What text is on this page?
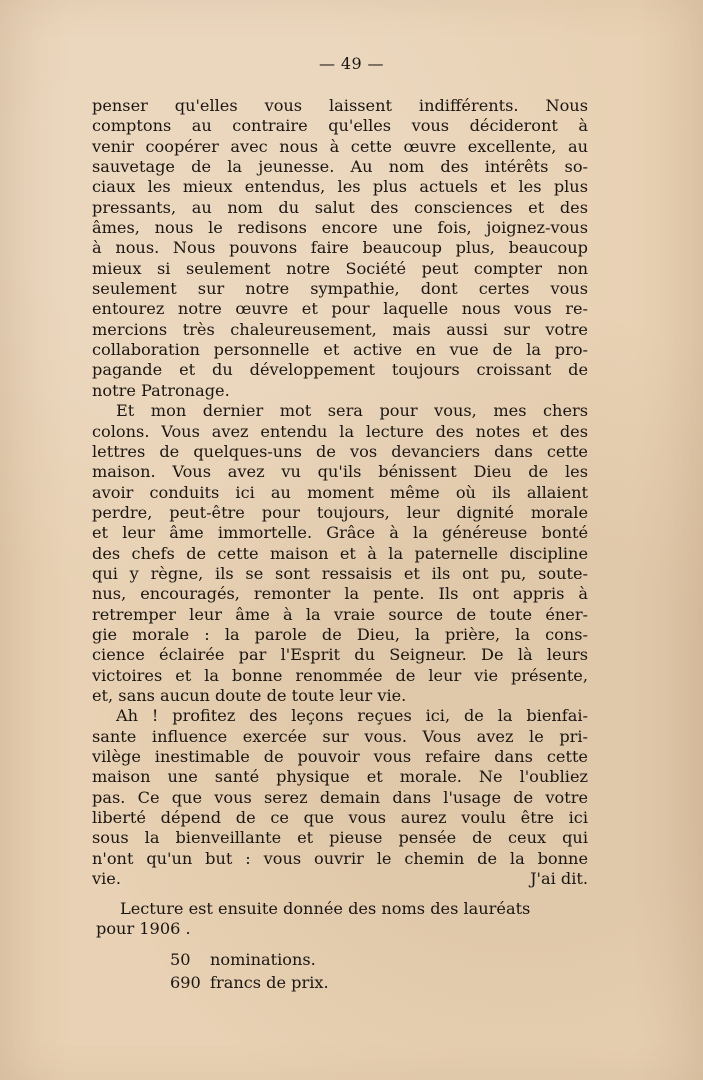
— 49 —
penser qu'elles vous laissent indifférents. Nous
comptons au contraire qu'elles vous décideront à
venir coopérer avec nous à cette œuvre excellente, au
sauvetage de la jeunesse. Au nom des intérêts so-
ciaux les mieux entendus, les plus actuels et les plus
pressants, au nom du salut des consciences et des
âmes, nous le redisons encore une fois, joignez-vous
à nous. Nous pouvons faire beaucoup plus, beaucoup
mieux si seulement notre Société peut compter non
seulement sur notre sympathie, dont certes vous
entourez notre œuvre et pour laquelle nous vous re-
mercions très chaleureusement, mais aussi sur votre
collaboration personnelle et active en vue de la pro-
pagande et du développement toujours croissant de
notre Patronage.
Et mon dernier mot sera pour vous, mes chers
colons. Vous avez entendu la lecture des notes et des
lettres de quelques-uns de vos devanciers dans cette
maison. Vous avez vu qu'ils bénissent Dieu de les
avoir conduits ici au moment même où ils allaient
perdre, peut-être pour toujours, leur dignité morale
et leur âme immortelle. Grâce à la généreuse bonté
des chefs de cette maison et à la paternelle discipline
qui y règne, ils se sont ressaisis et ils ont pu, soute-
nus, encouragés, remonter la pente. Ils ont appris à
retremper leur âme à la vraie source de toute éner-
gie morale : la parole de Dieu, la prière, la cons-
cience éclairée par l'Esprit du Seigneur. De là leurs
victoires et la bonne renommée de leur vie présente,
et, sans aucun doute de toute leur vie.
Ah ! profitez des leçons reçues ici, de la bienfai-
sante influence exercée sur vous. Vous avez le pri-
vilège inestimable de pouvoir vous refaire dans cette
maison une santé physique et morale. Ne l'oubliez
pas. Ce que vous serez demain dans l'usage de votre
liberté dépend de ce que vous aurez voulu être ici
sous la bienveillante et pieuse pensée de ceux qui
n'ont qu'un but : vous ouvrir le chemin de la bonne
vie.	J'ai dit.
Lecture est ensuite donnée des noms des lauréats
pour 1906 .
50	nominations.
690 francs de prix.
